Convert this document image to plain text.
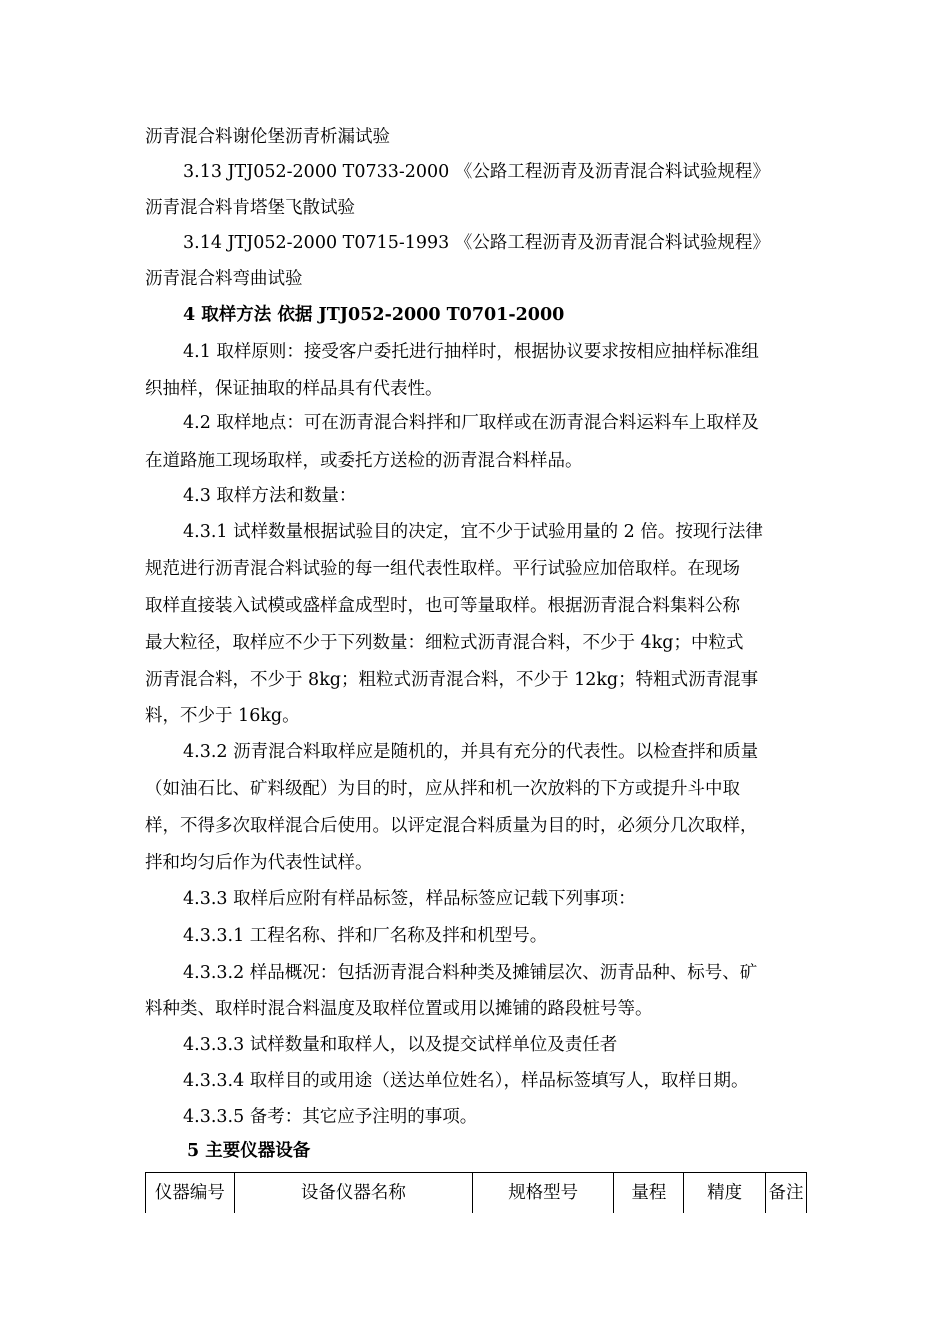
沥青混合料谢伦堡沥青析漏试验
3.13 JTJ052-2000 T0733-2000 《公路工程沥青及沥青混合料试验规程》
沥青混合料肯塔堡飞散试验
3.14 JTJ052-2000 T0715-1993 《公路工程沥青及沥青混合料试验规程》
沥青混合料弯曲试验
4 取样方法 依据 JTJ052-2000 T0701-2000
4.1 取样原则：接受客户委托进行抽样时，根据协议要求按相应抽样标准组
织抽样，保证抽取的样品具有代表性。
4.2 取样地点：可在沥青混合料拌和厂取样或在沥青混合料运料车上取样及
在道路施工现场取样，或委托方送检的沥青混合料样品。
4.3 取样方法和数量：
4.3.1 试样数量根据试验目的决定，宜不少于试验用量的 2 倍。按现行法律
规范进行沥青混合料试验的每一组代表性取样。平行试验应加倍取样。在现场
取样直接装入试模或盛样盒成型时，也可等量取样。根据沥青混合料集料公称
最大粒径，取样应不少于下列数量：细粒式沥青混合料，不少于 4kg；中粒式
沥青混合料，不少于 8kg；粗粒式沥青混合料，不少于 12kg；特粗式沥青混事
料，不少于 16kg。
4.3.2 沥青混合料取样应是随机的，并具有充分的代表性。以检查拌和质量
（如油石比、矿料级配）为目的时，应从拌和机一次放料的下方或提升斗中取
样，不得多次取样混合后使用。以评定混合料质量为目的时，必须分几次取样，
拌和均匀后作为代表性试样。
4.3.3 取样后应附有样品标签，样品标签应记载下列事项：
4.3.3.1 工程名称、拌和厂名称及拌和机型号。
4.3.3.2 样品概况：包括沥青混合料种类及摊铺层次、沥青品种、标号、矿
料种类、取样时混合料温度及取样位置或用以摊铺的路段桩号等。
4.3.3.3 试样数量和取样人，以及提交试样单位及责任者
4.3.3.4 取样目的或用途（送达单位姓名），样品标签填写人，取样日期。
4.3.3.5 备考：其它应予注明的事项。
5 主要仪器设备
仪器编号	设备仪器名称	规格型号	量程	精度	备注
